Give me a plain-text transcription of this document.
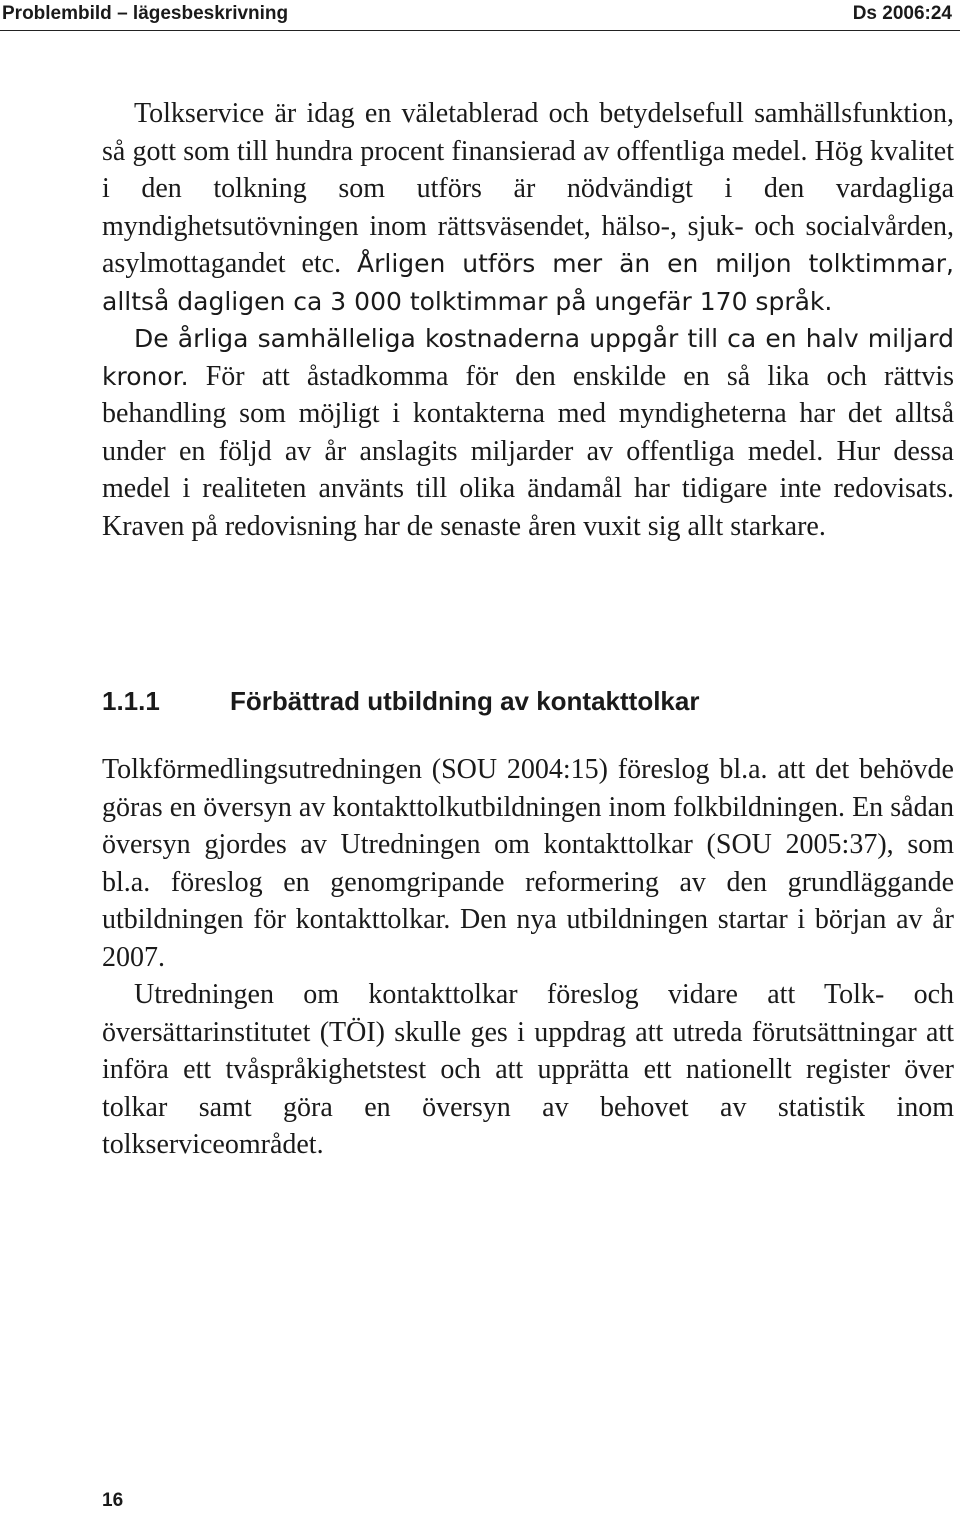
Problembild – lägesbeskrivning	Ds 2006:24

Tolkservice är idag en väletablerad och betydelsefull samhällsfunktion, så gott som till hundra procent finansierad av offentliga medel. Hög kvalitet i den tolkning som utförs är nödvändigt i den vardagliga myndighetsutövningen inom rättsväsendet, hälso-, sjuk- och socialvården, asylmottagandet etc. Årligen utförs mer än en miljon tolktimmar, alltså dagligen ca 3 000 tolktimmar på ungefär 170 språk.

De årliga samhälleliga kostnaderna uppgår till ca en halv miljard kronor. För att åstadkomma för den enskilde en så lika och rättvis behandling som möjligt i kontakterna med myndigheterna har det alltså under en följd av år anslagits miljarder av offentliga medel. Hur dessa medel i realiteten använts till olika ändamål har tidigare inte redovisats. Kraven på redovisning har de senaste åren vuxit sig allt starkare.

1.1.1	Förbättrad utbildning av kontakttolkar

Tolkförmedlingsutredningen (SOU 2004:15) föreslog bl.a. att det behövde göras en översyn av kontakttolkutbildningen inom folkbildningen. En sådan översyn gjordes av Utredningen om kontakttolkar (SOU 2005:37), som bl.a. föreslog en genomgripande reformering av den grundläggande utbildningen för kontakttolkar. Den nya utbildningen startar i början av år 2007.

Utredningen om kontakttolkar föreslog vidare att Tolk- och översättarinstitutet (TÖI) skulle ges i uppdrag att utreda förutsättningar att införa ett tvåspråkighetstest och att upprätta ett nationellt register över tolkar samt göra en översyn av behovet av statistik inom tolkserviceområdet.

16
